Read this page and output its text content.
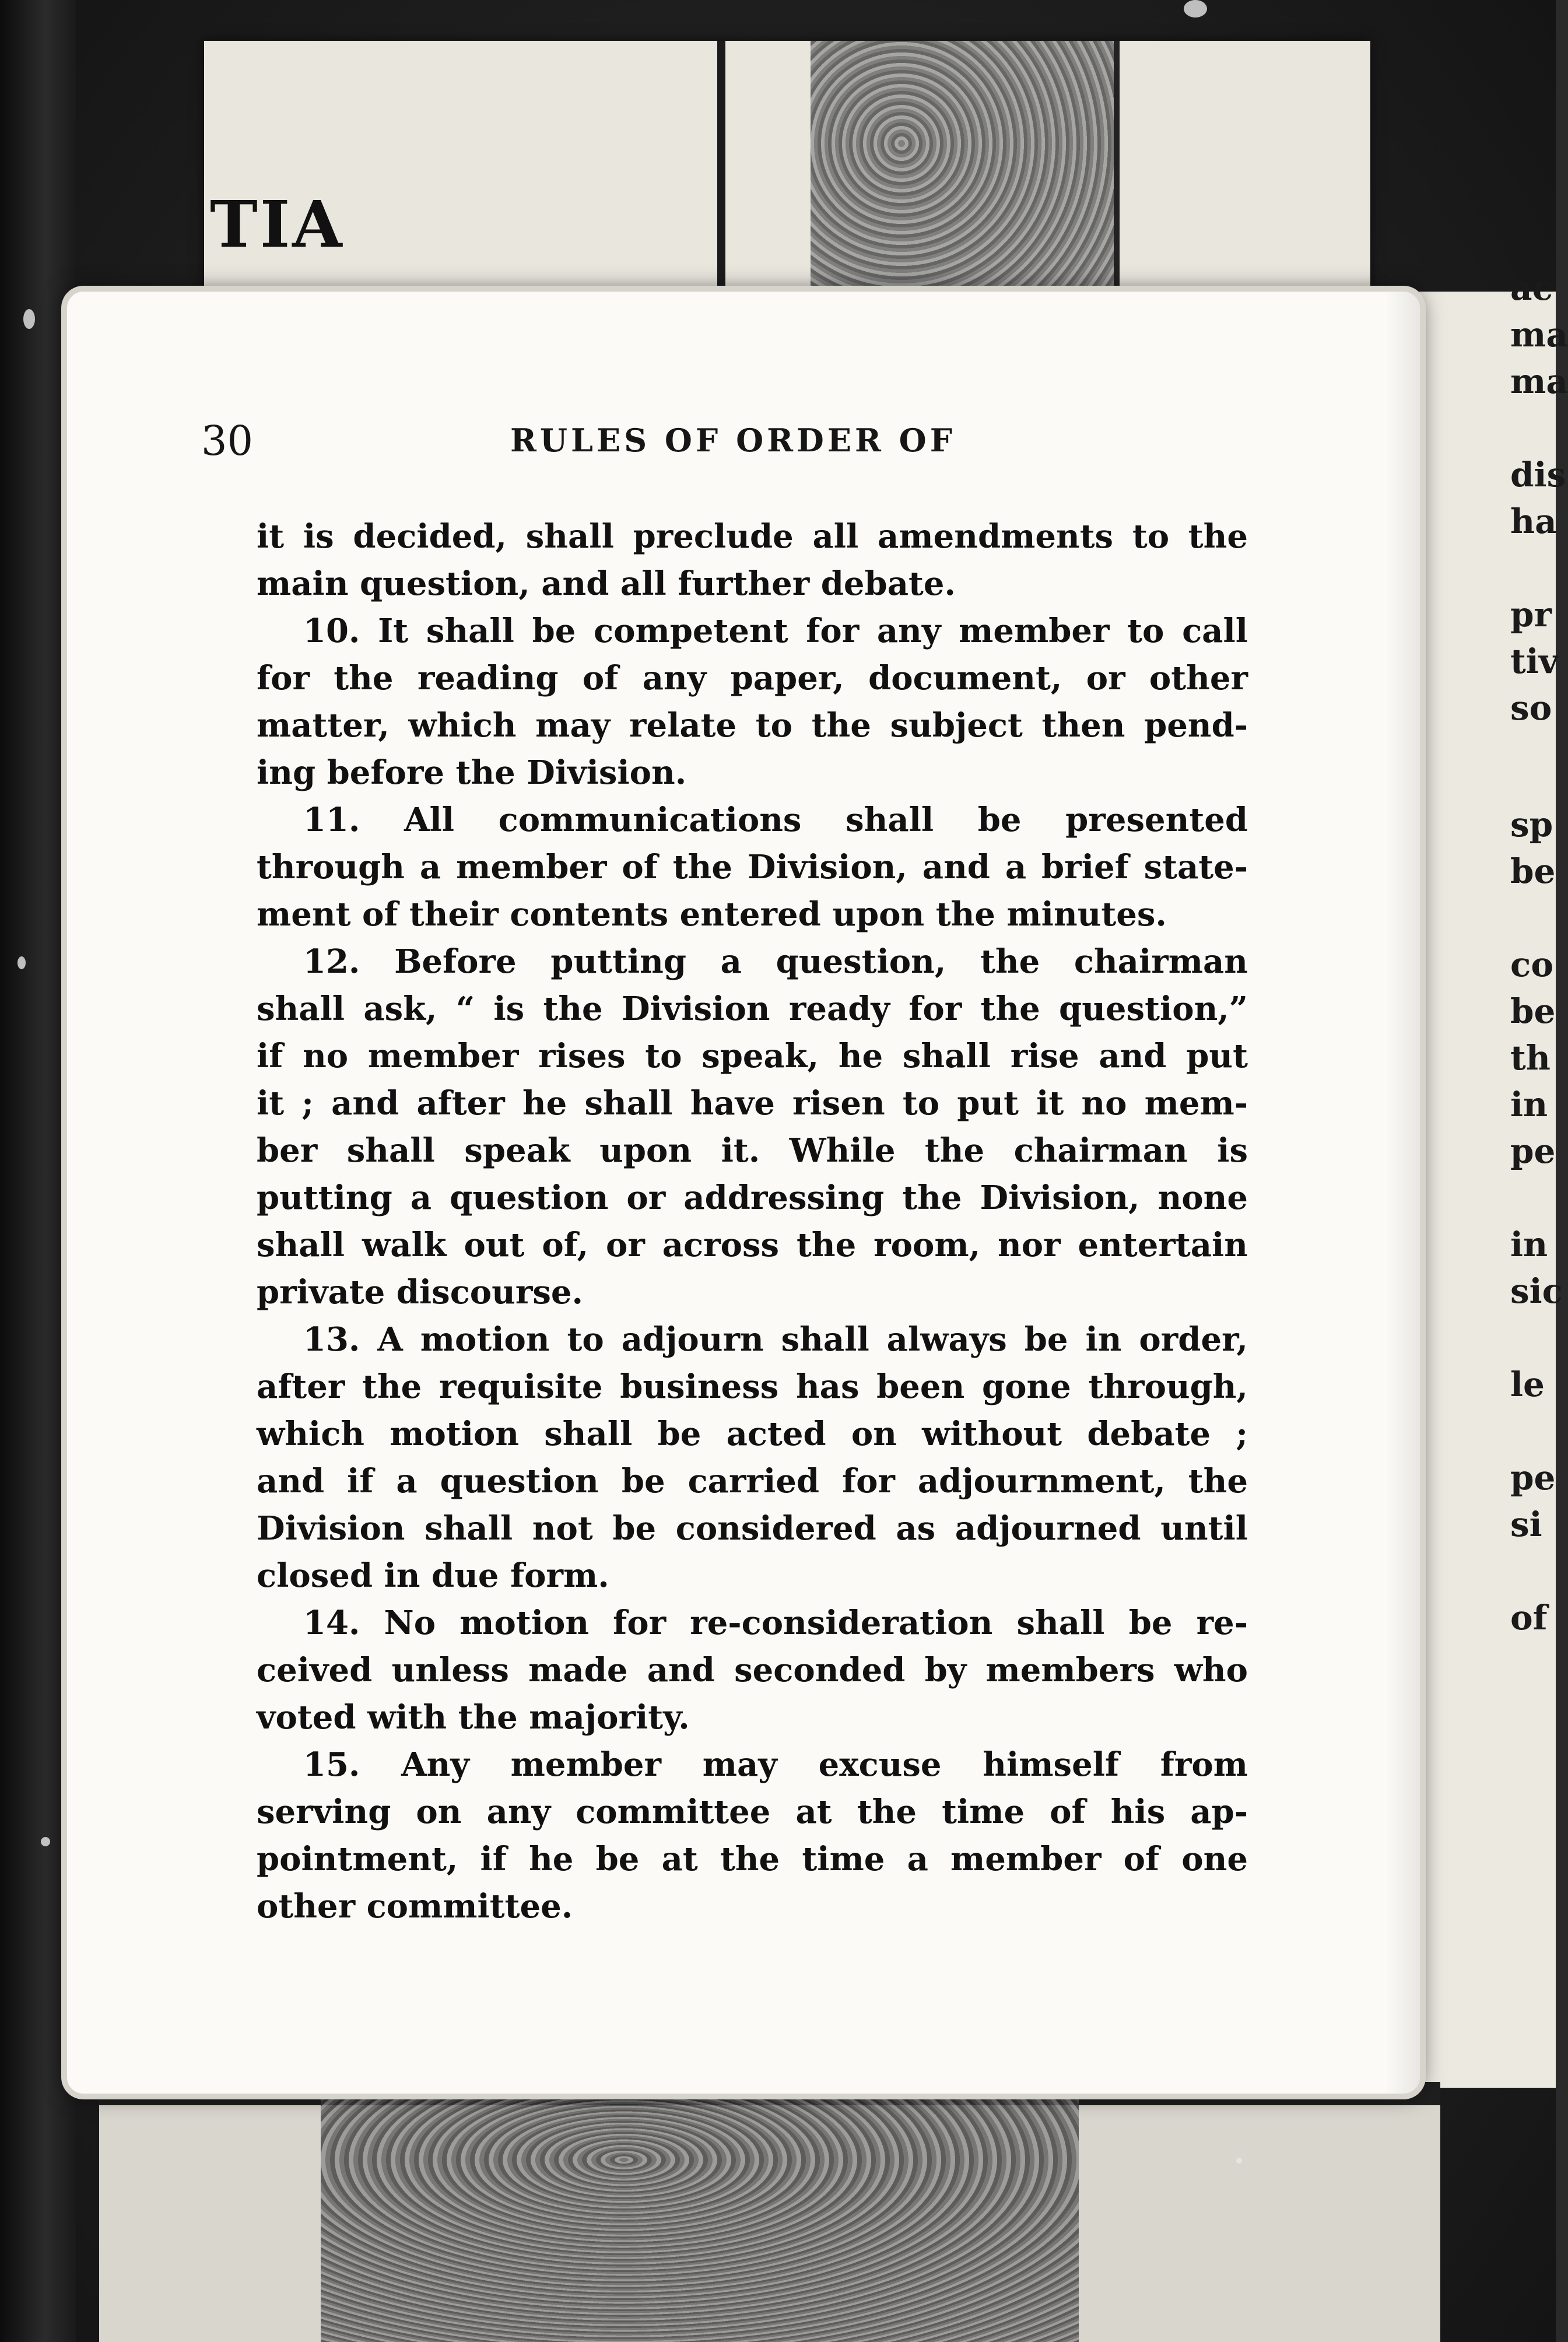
TIA
ac
ma
ma
dis
ha
pr
tiv
so
sp
be
co
be
th
in
pe
in
sic
le
pe
si
of
30	RULES OF ORDER OF
it is decided, shall preclude all amendments to the
main question, and all further debate.
10. It shall be competent for any member to call
for the reading of any paper, document, or other
matter, which may relate to the subject then pend-
ing before the Division.
11. All communications shall be presented
through a member of the Division, and a brief state-
ment of their contents entered upon the minutes.
12. Before putting a question, the chairman
shall ask, “ is the Division ready for the question,”
if no member rises to speak, he shall rise and put
it ; and after he shall have risen to put it no mem-
ber shall speak upon it. While the chairman is
putting a question or addressing the Division, none
shall walk out of, or across the room, nor entertain
private discourse.
13. A motion to adjourn shall always be in order,
after the requisite business has been gone through,
which motion shall be acted on without debate ;
and if a question be carried for adjournment, the
Division shall not be considered as adjourned until
closed in due form.
14. No motion for re-consideration shall be re-
ceived unless made and seconded by members who
voted with the majority.
15. Any member may excuse himself from
serving on any committee at the time of his ap-
pointment, if he be at the time a member of one
other committee.
